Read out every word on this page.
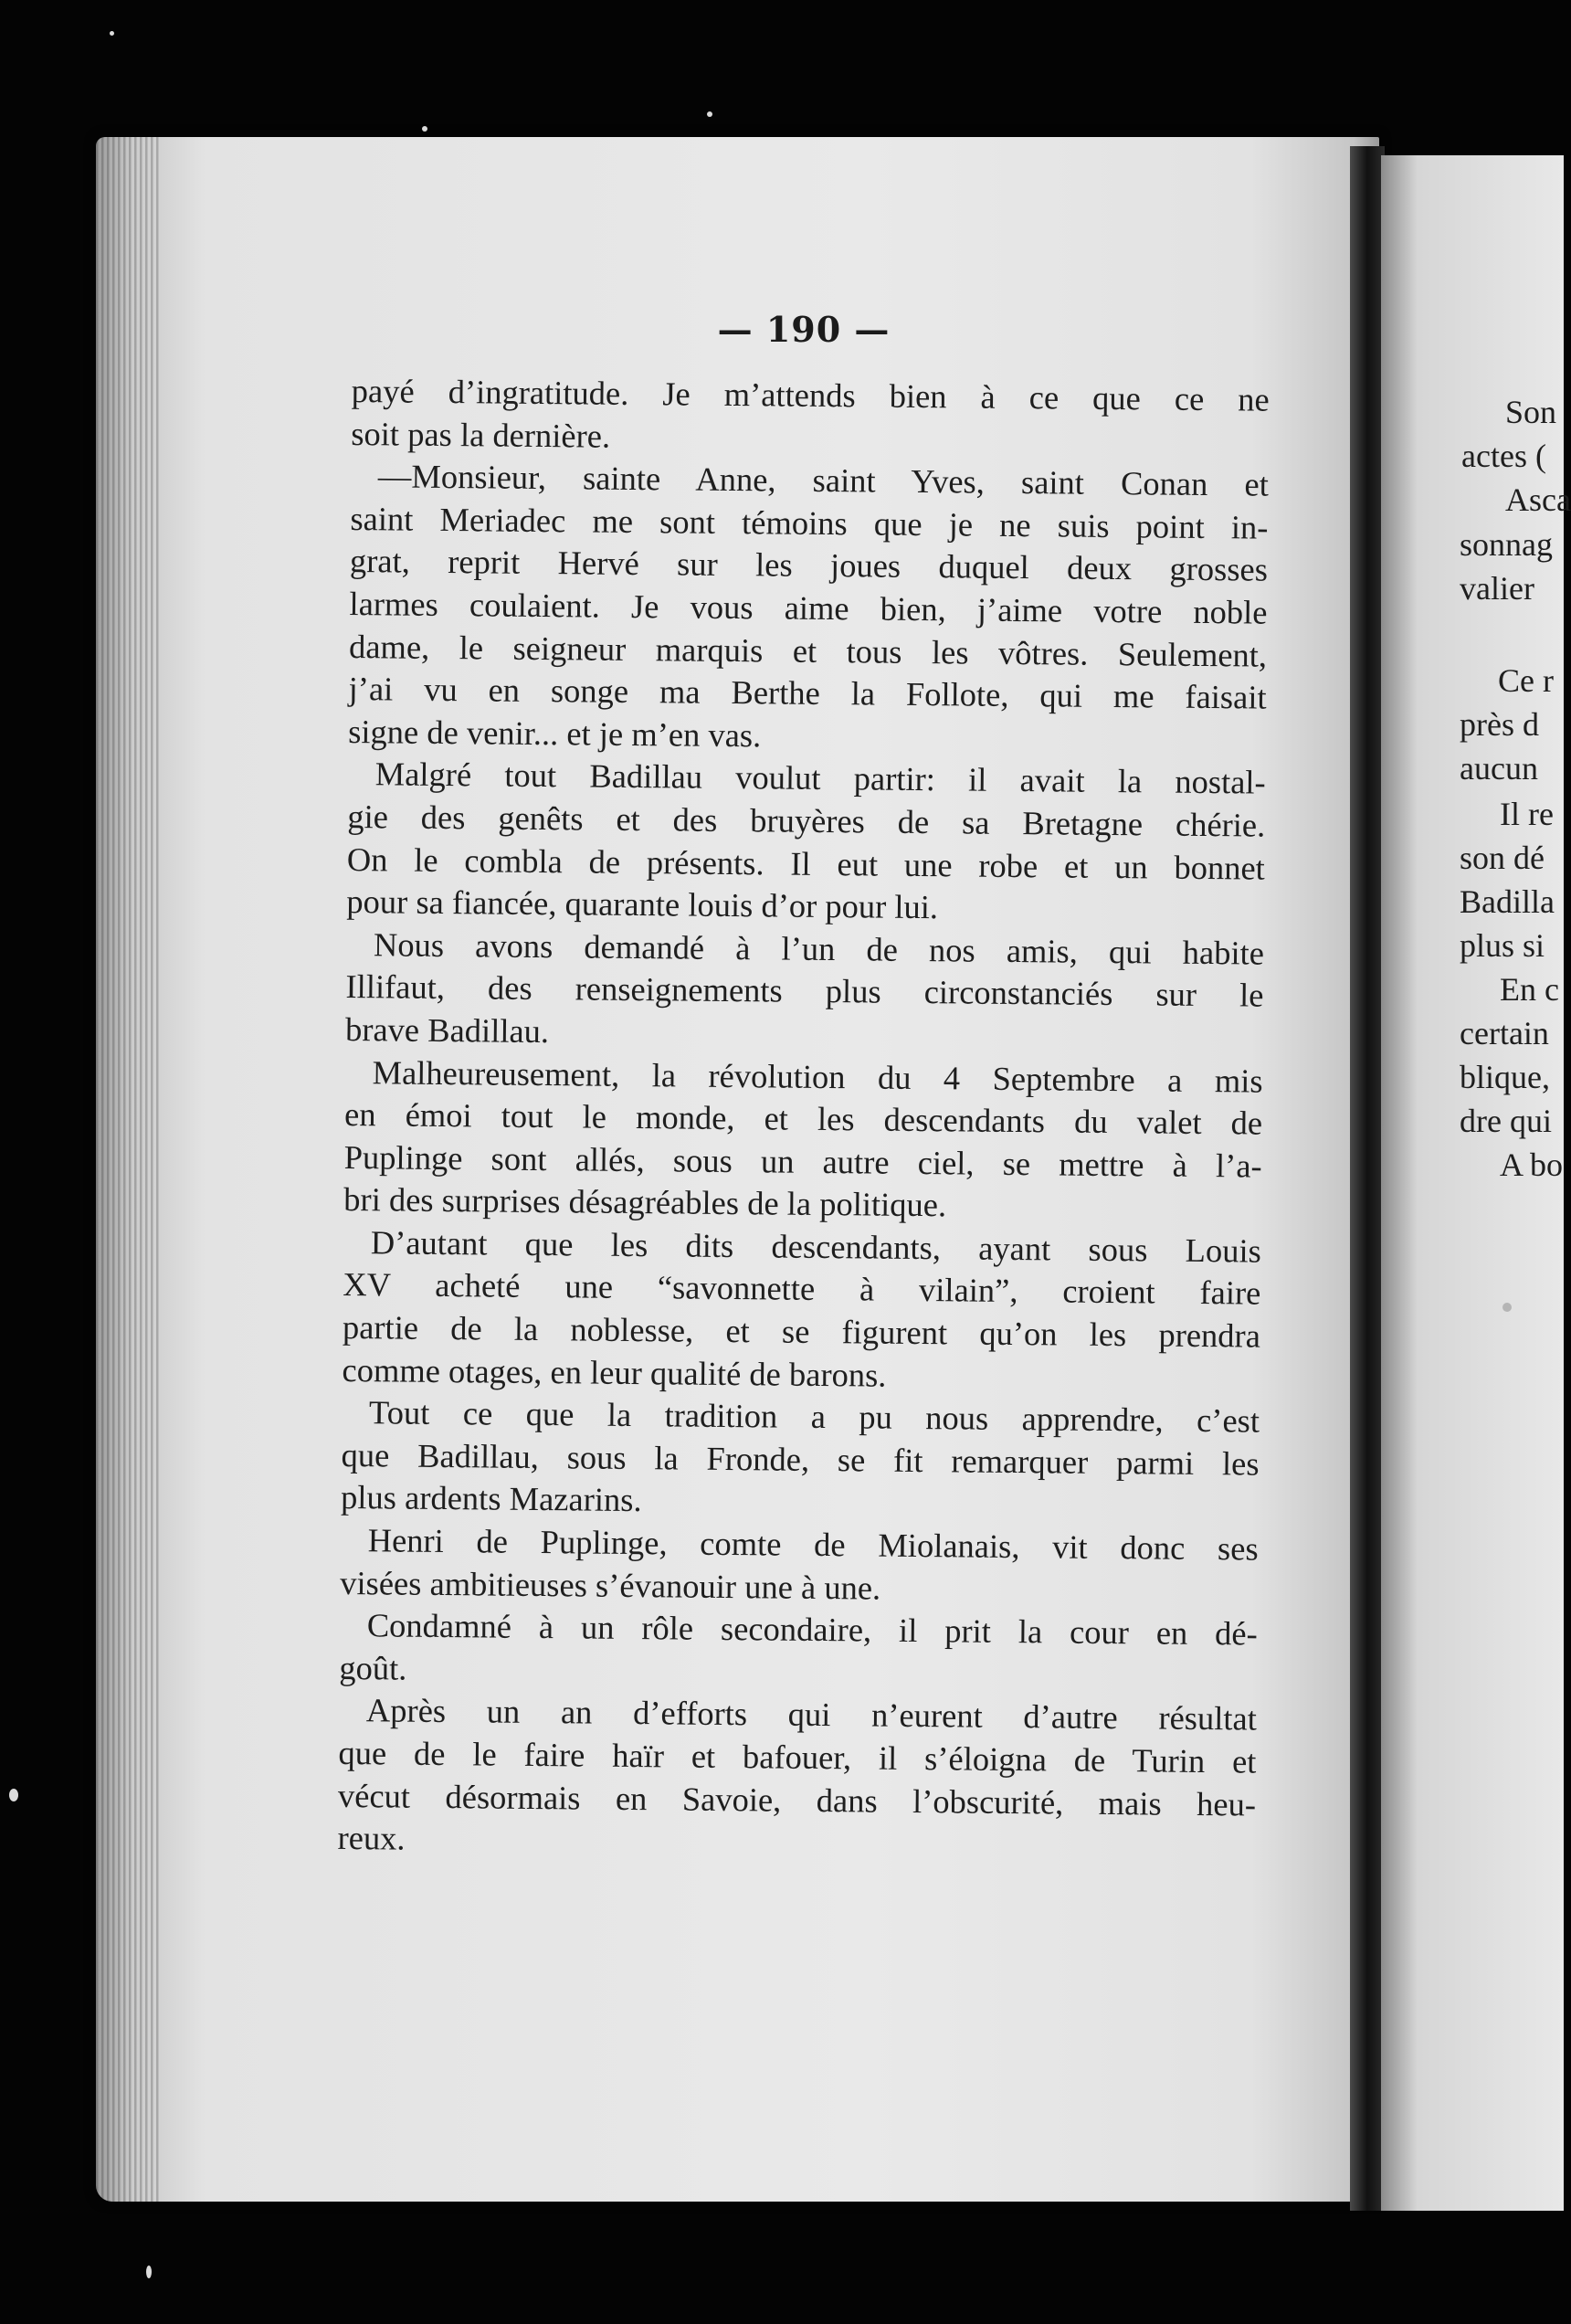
— 190 —
payé d’ingratitude. Je m’attends bien à ce que ce ne
soit pas la dernière.
—Monsieur, sainte Anne, saint Yves, saint Conan et
saint Meriadec me sont témoins que je ne suis point in-
grat, reprit Hervé sur les joues duquel deux grosses
larmes coulaient. Je vous aime bien, j’aime votre noble
dame, le seigneur marquis et tous les vôtres. Seulement,
j’ai vu en songe ma Berthe la Follote, qui me faisait
signe de venir... et je m’en vas.
Malgré tout Badillau voulut partir: il avait la nostal-
gie des genêts et des bruyères de sa Bretagne chérie.
On le combla de présents. Il eut une robe et un bonnet
pour sa fiancée, quarante louis d’or pour lui.
Nous avons demandé à l’un de nos amis, qui habite
Illifaut, des renseignements plus circonstanciés sur le
brave Badillau.
Malheureusement, la révolution du 4 Septembre a mis
en émoi tout le monde, et les descendants du valet de
Puplinge sont allés, sous un autre ciel, se mettre à l’a-
bri des surprises désagréables de la politique.
D’autant que les dits descendants, ayant sous Louis
XV acheté une “savonnette à vilain”, croient faire
partie de la noblesse, et se figurent qu’on les prendra
comme otages, en leur qualité de barons.
Tout ce que la tradition a pu nous apprendre, c’est
que Badillau, sous la Fronde, se fit remarquer parmi les
plus ardents Mazarins.
Henri de Puplinge, comte de Miolanais, vit donc ses
visées ambitieuses s’évanouir une à une.
Condamné à un rôle secondaire, il prit la cour en dé-
goût.
Après un an d’efforts qui n’eurent d’autre résultat
que de le faire haïr et bafouer, il s’éloigna de Turin et
vécut désormais en Savoie, dans l’obscurité, mais heu-
reux.
Son
actes (
Asca
sonnag
valier
Ce r
près d
aucun
Il re
son dé
Badilla
plus si
En c
certain
blique,
dre qui
A bo
